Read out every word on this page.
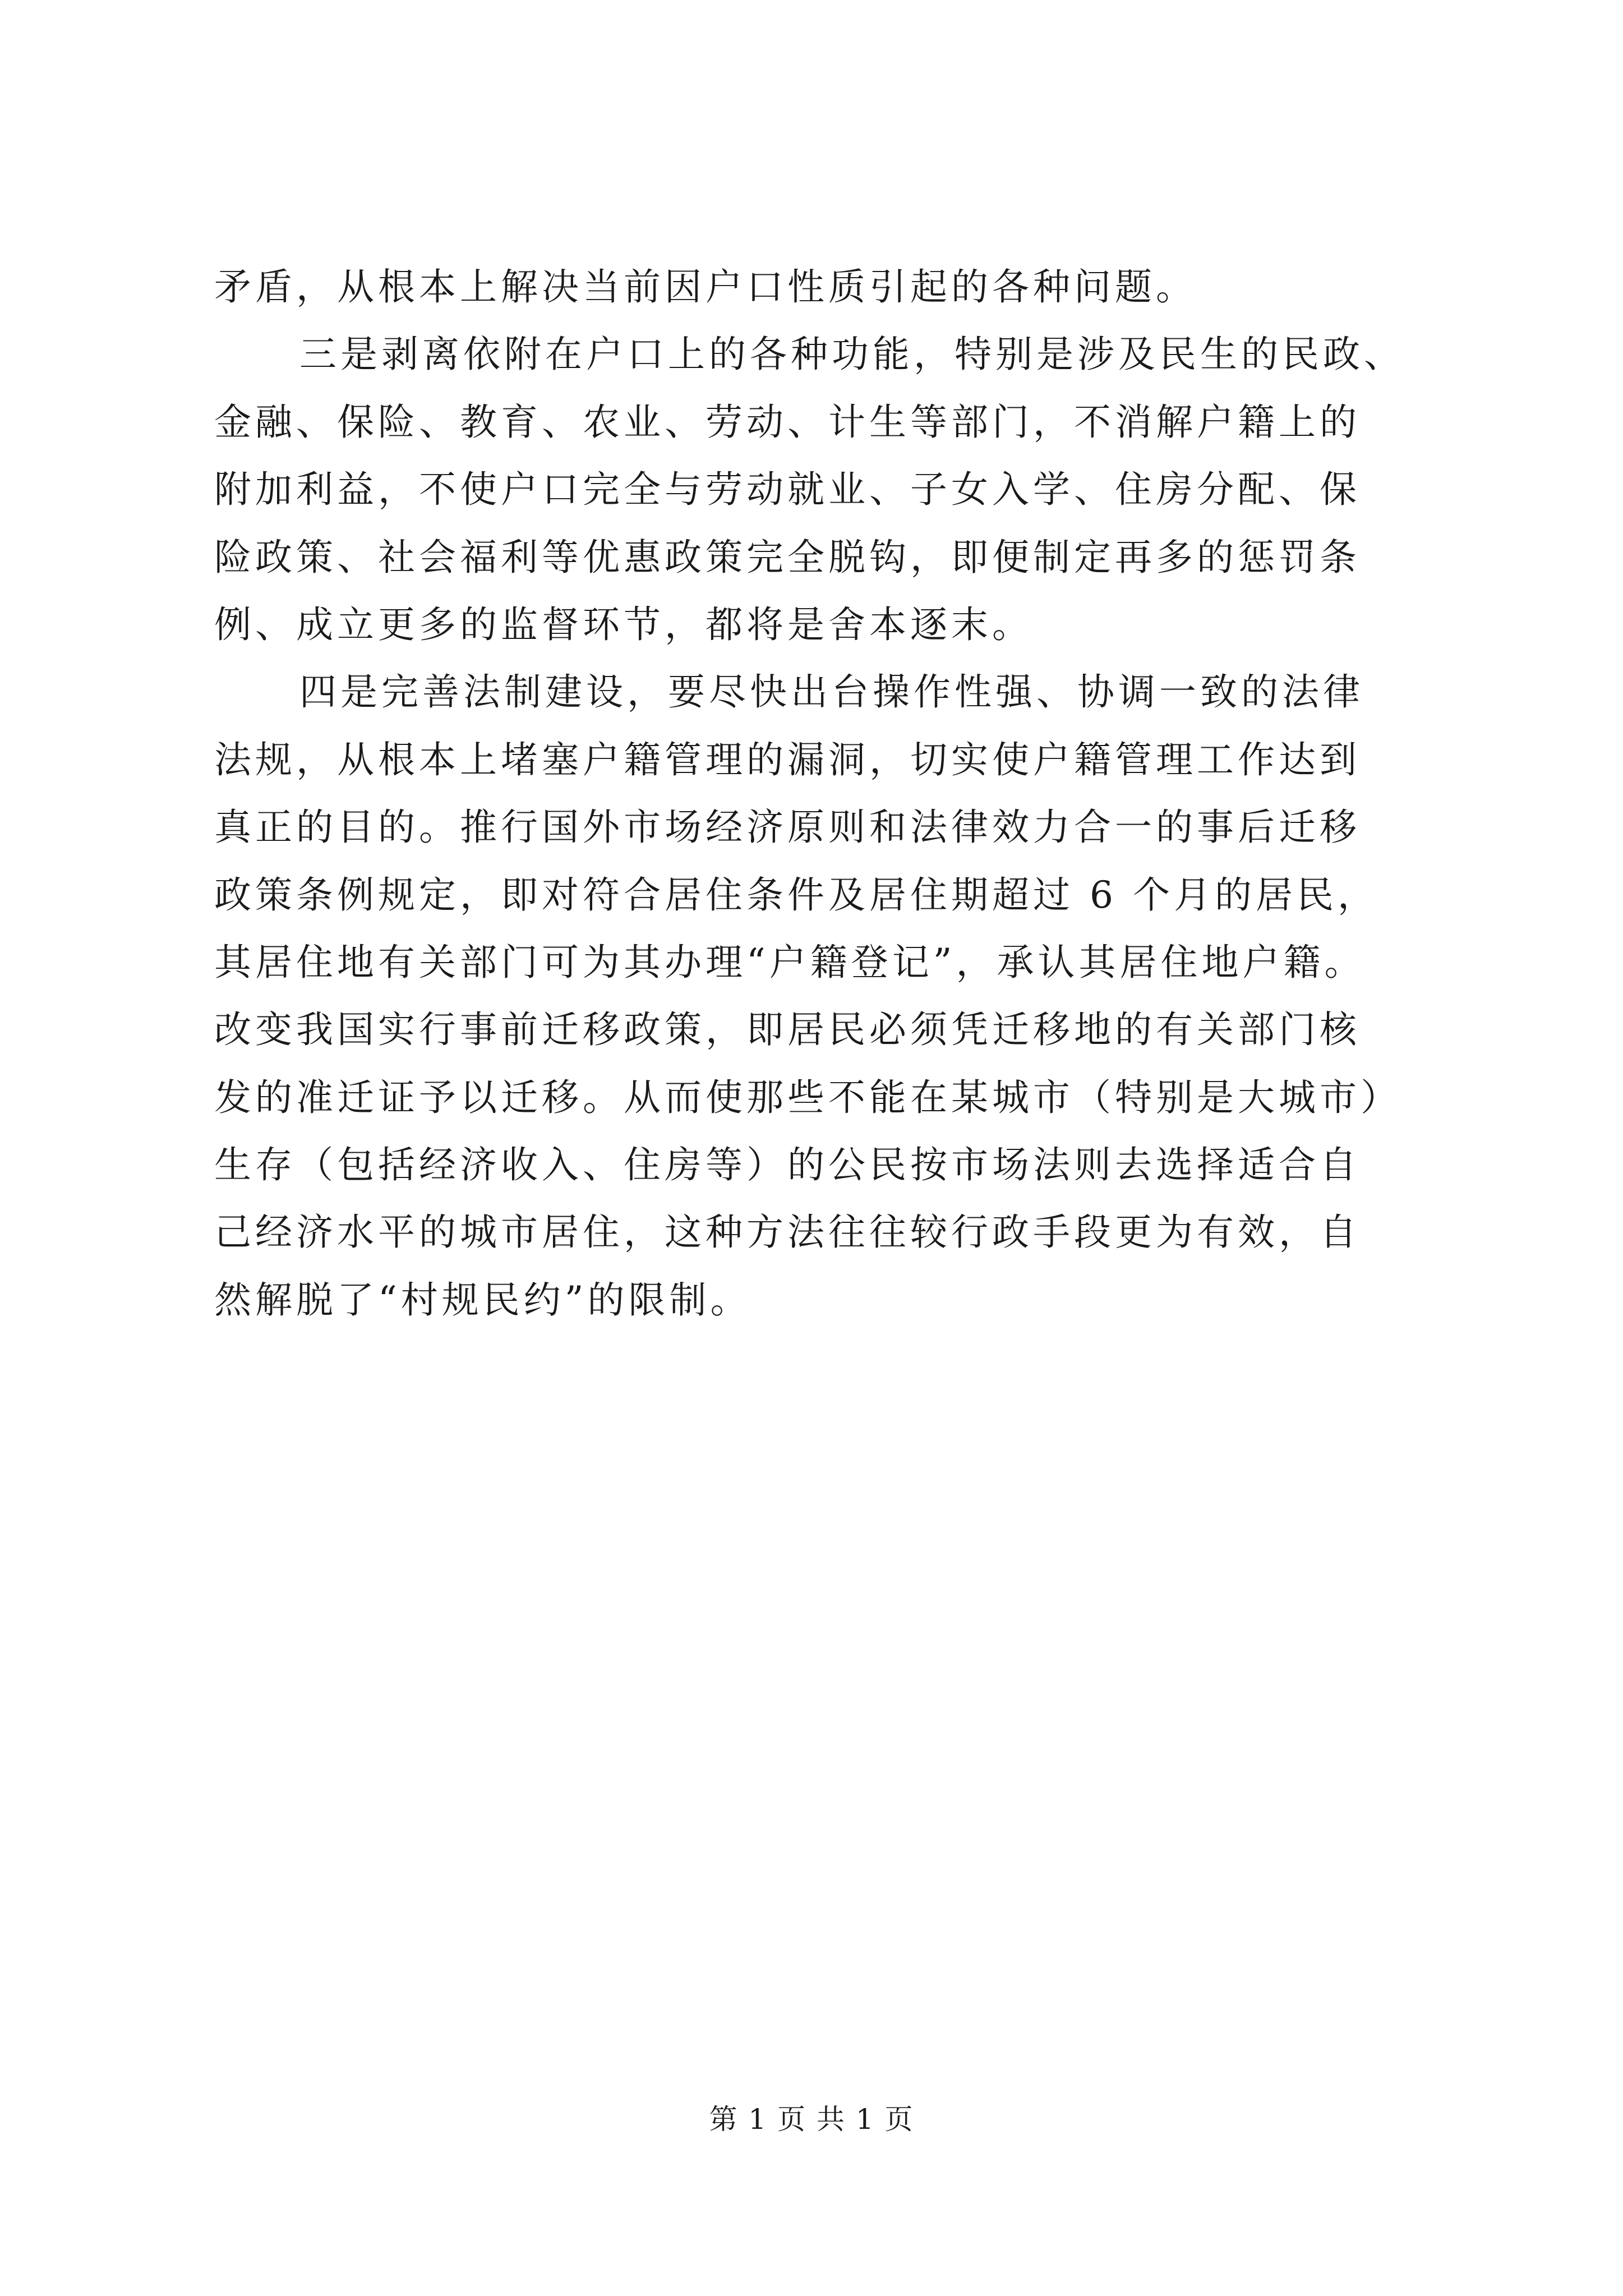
矛盾，从根本上解决当前因户口性质引起的各种问题。
三是剥离依附在户口上的各种功能，特别是涉及民生的民政、
金融、保险、教育、农业、劳动、计生等部门，不消解户籍上的
附加利益，不使户口完全与劳动就业、子女入学、住房分配、保
险政策、社会福利等优惠政策完全脱钩，即便制定再多的惩罚条
例、成立更多的监督环节，都将是舍本逐末。
四是完善法制建设，要尽快出台操作性强、协调一致的法律
法规，从根本上堵塞户籍管理的漏洞，切实使户籍管理工作达到
真正的目的。推行国外市场经济原则和法律效力合一的事后迁移
政策条例规定，即对符合居住条件及居住期超过 6 个月的居民，
其居住地有关部门可为其办理“户籍登记”，承认其居住地户籍。
改变我国实行事前迁移政策，即居民必须凭迁移地的有关部门核
发的准迁证予以迁移。从而使那些不能在某城市（特别是大城市）
生存（包括经济收入、住房等）的公民按市场法则去选择适合自
己经济水平的城市居住，这种方法往往较行政手段更为有效，自
然解脱了“村规民约”的限制。
第 1 页 共 1 页
